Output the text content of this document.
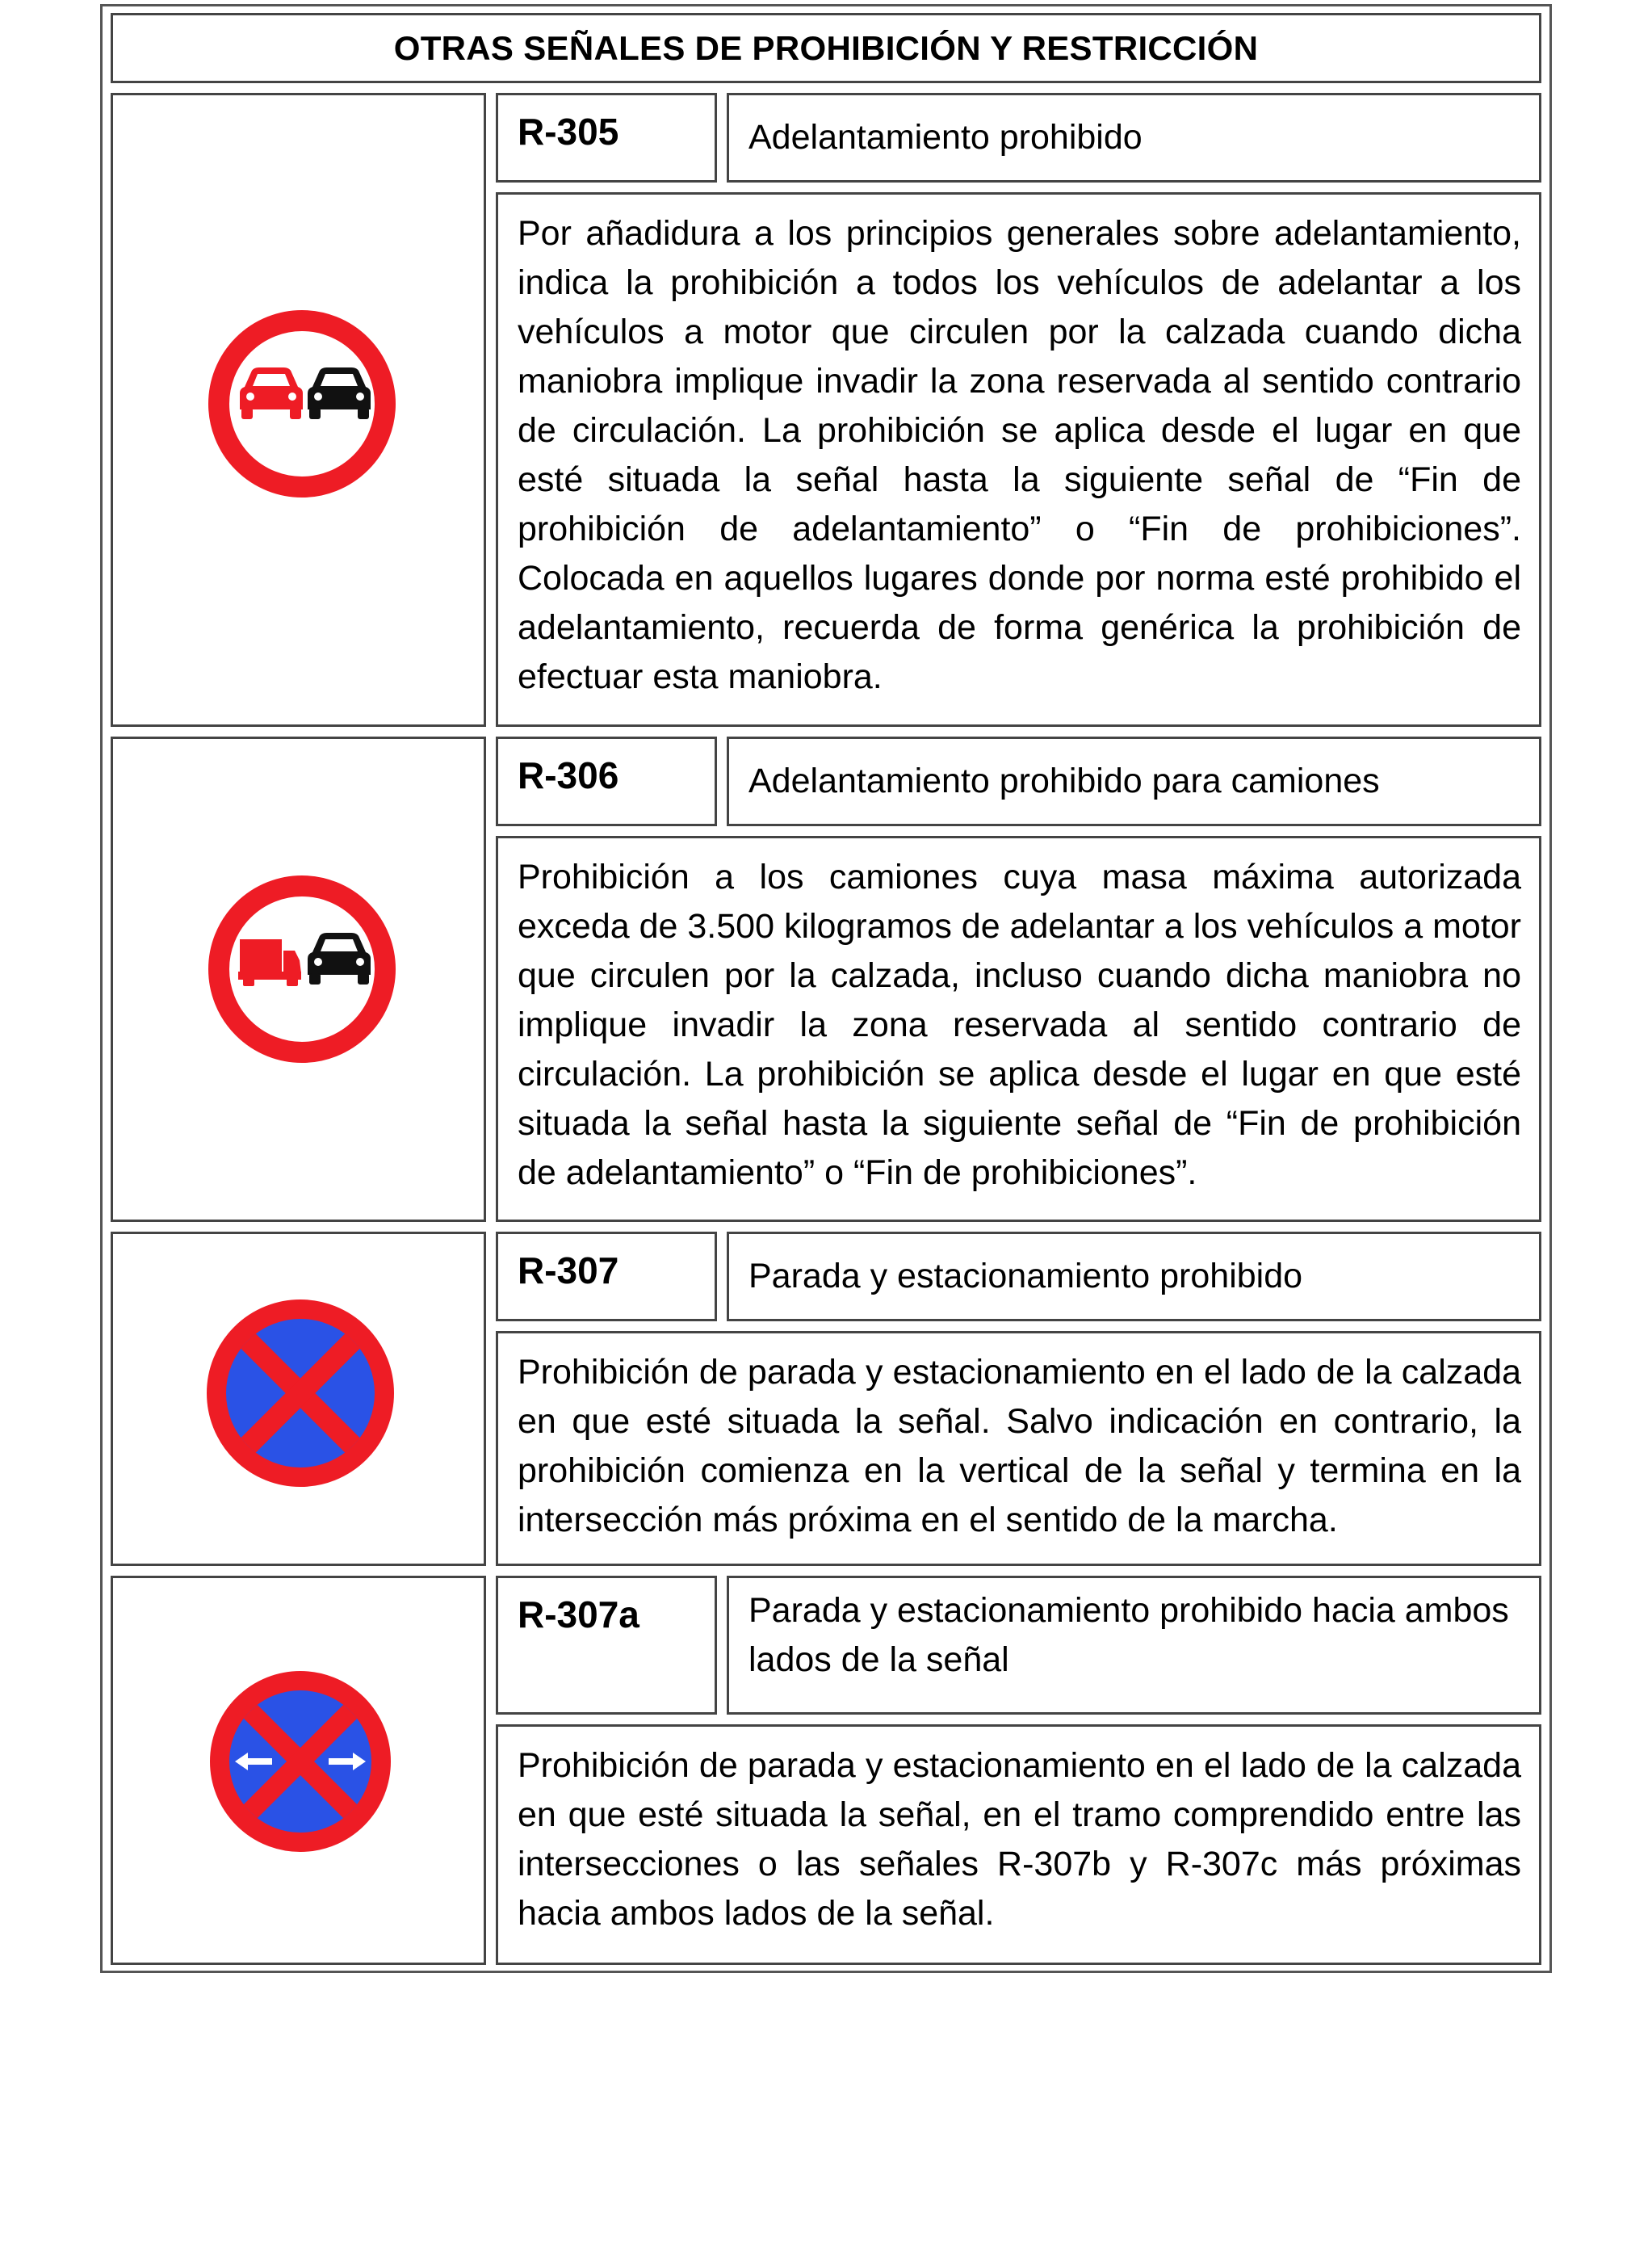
OTRAS SEÑALES DE PROHIBICIÓN Y RESTRICCIÓN
R-305	Adelantamiento prohibido
Por añadidura a los principios generales sobre adelantamiento, indica la prohibición a todos los vehículos de adelantar a los vehículos a motor que circulen por la calzada cuando dicha maniobra implique invadir la zona reservada al sentido contrario de circulación. La prohibición se aplica desde el lugar en que esté situada la señal hasta la siguiente señal de “Fin de prohibición de adelantamiento” o “Fin de prohibiciones”. Colocada en aquellos lugares donde por norma esté prohibido el adelantamiento, recuerda de forma genérica la prohibición de efectuar esta maniobra.
R-306	Adelantamiento prohibido para camiones
Prohibición a los camiones cuya masa máxima autorizada exceda de 3.500 kilogramos de adelantar a los vehículos a motor que circulen por la calzada, incluso cuando dicha maniobra no implique invadir la zona reservada al sentido contrario de circulación. La prohibición se aplica desde el lugar en que esté situada la señal hasta la siguiente señal de “Fin de prohibición de adelantamiento” o “Fin de prohibiciones”.
R-307	Parada y estacionamiento prohibido
Prohibición de parada y estacionamiento en el lado de la calzada en que esté situada la señal. Salvo indicación en contrario, la prohibición comienza en la vertical de la señal y termina en la intersección más próxima en el sentido de la marcha.
R-307a	Parada y estacionamiento prohibido hacia ambos lados de la señal
Prohibición de parada y estacionamiento en el lado de la calzada en que esté situada la señal, en el tramo comprendido entre las intersecciones o las señales R-307b y R-307c más próximas hacia ambos lados de la señal.
